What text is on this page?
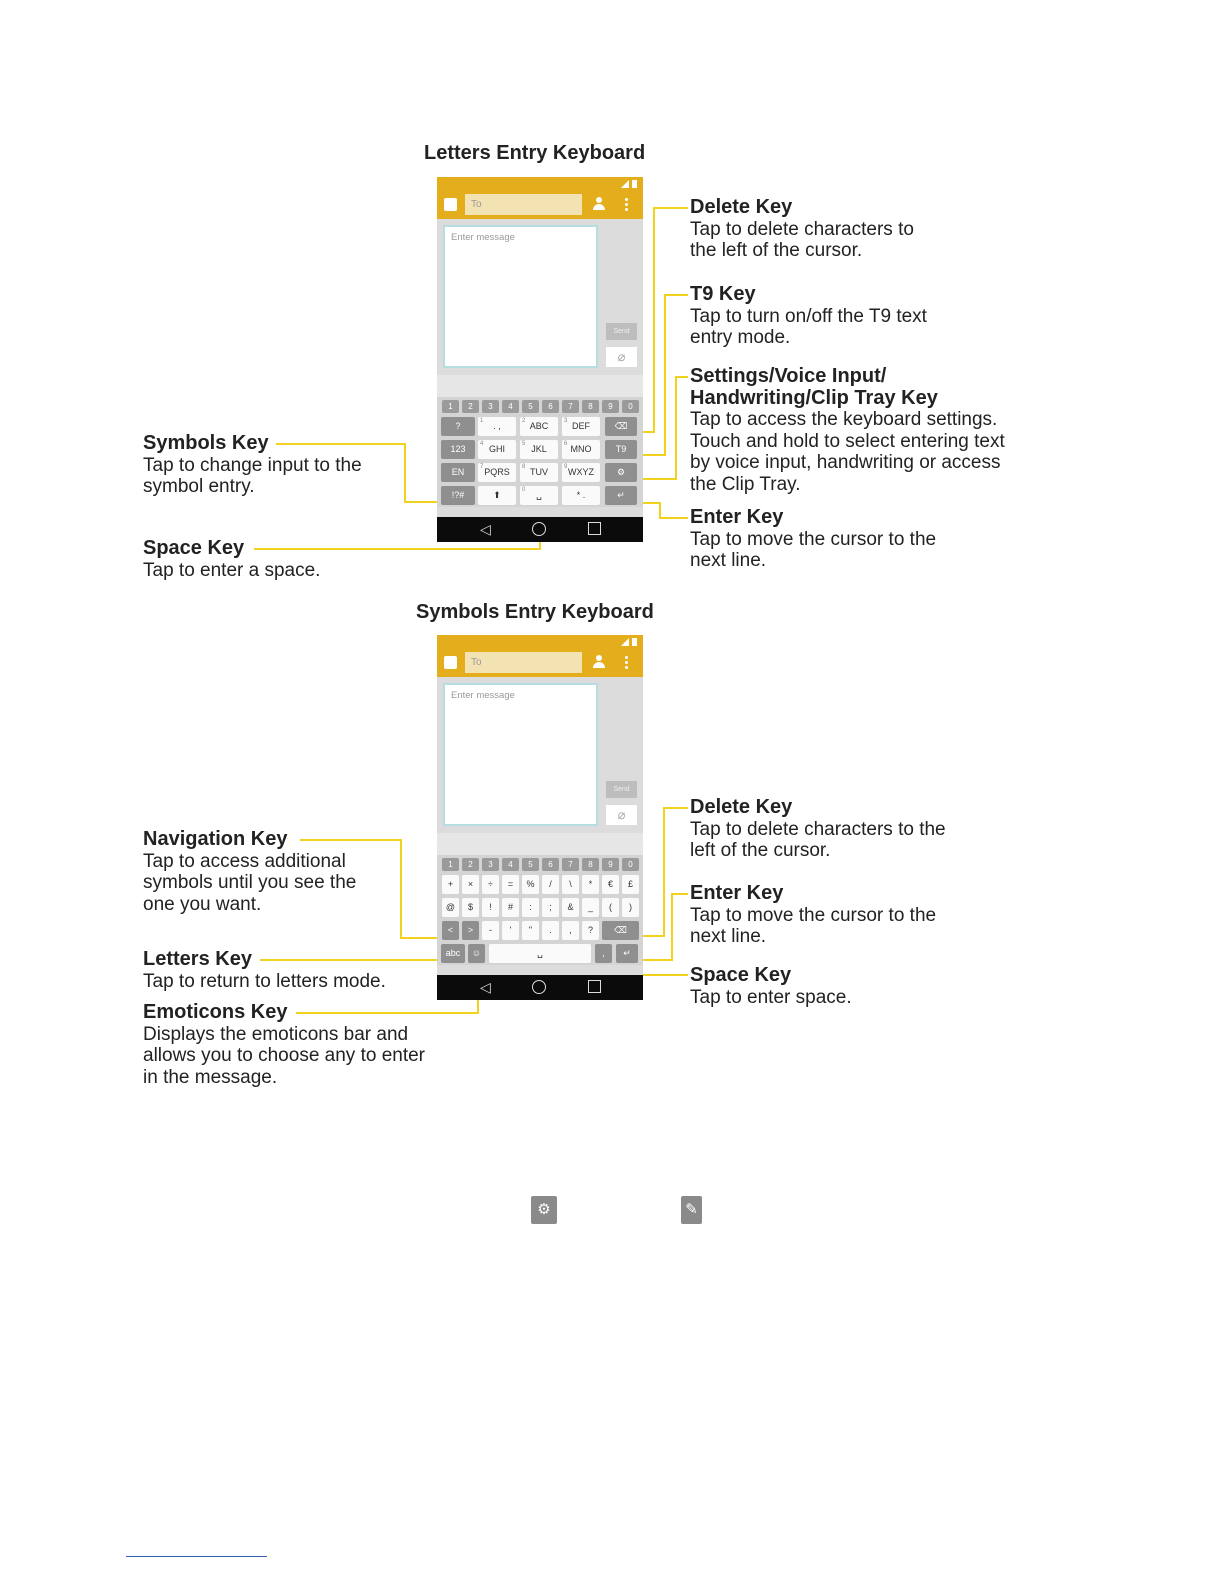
Letters Entry Keyboard
To
Enter message
Send
⌀
1	2	3	4	5	6	7	8	9	0
?	1 . ,	2 ABC	3 DEF	⌫
123	4 GHI	5 JKL	6 MNO	T9
EN	7 PQRS	8 TUV	9 WXYZ	⚙
!?#	⬆	0 ␣	* .	↵
◁
Delete Key
Tap to delete characters to the left of the cursor.
T9 Key
Tap to turn on/off the T9 text entry mode.
Settings/Voice Input/ Handwriting/Clip Tray Key
Tap to access the keyboard settings. Touch and hold to select entering text by voice input, handwriting or access the Clip Tray.
Enter Key
Tap to move the cursor to the next line.
Symbols Key
Tap to change input to the symbol entry.
Space Key
Tap to enter a space.
Symbols Entry Keyboard
To
Enter message
Send
⌀
1	2	3	4	5	6	7	8	9	0
+	×	÷	=	%	/	\	*	€	£
@	$	!	#	:	;	&	_	(	)
<	>	-	'	"	.	,	?	⌫
abc	☺	␣	,	↵
◁
Delete Key
Tap to delete characters to the left of the cursor.
Enter Key
Tap to move the cursor to the next line.
Space Key
Tap to enter space.
Navigation Key
Tap to access additional symbols until you see the one you want.
Letters Key
Tap to return to letters mode.
Emoticons Key
Displays the emoticons bar and allows you to choose any to enter in the message.
⚙	✎
